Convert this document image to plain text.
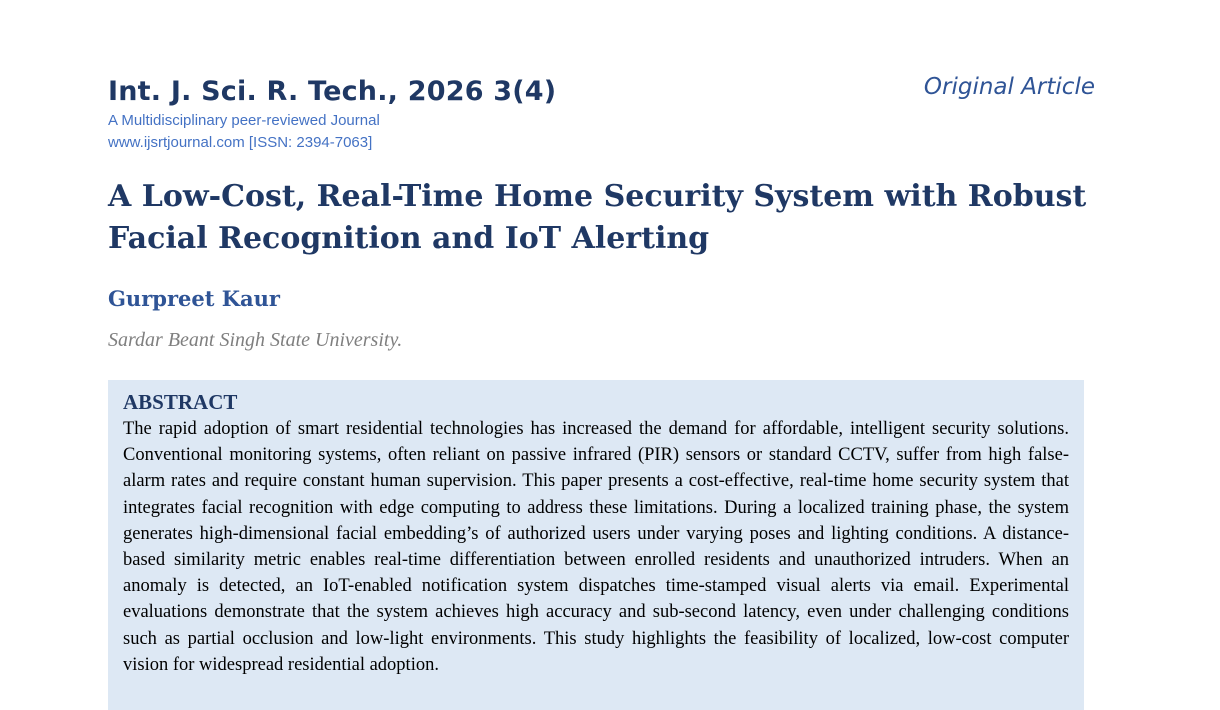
Int. J. Sci. R. Tech., 2026 3(4)
A Multidisciplinary peer-reviewed Journal
www.ijsrtjournal.com [ISSN: 2394-7063]
Original Article
A Low-Cost, Real-Time Home Security System with Robust Facial Recognition and IoT Alerting
Gurpreet Kaur
Sardar Beant Singh State University.
ABSTRACT

The rapid adoption of smart residential technologies has increased the demand for affordable, intelligent security solutions. Conventional monitoring systems, often reliant on passive infrared (PIR) sensors or standard CCTV, suffer from high false-alarm rates and require constant human supervision. This paper presents a cost-effective, real-time home security system that integrates facial recognition with edge computing to address these limitations. During a localized training phase, the system generates high-dimensional facial embedding’s of authorized users under varying poses and lighting conditions. A distance-based similarity metric enables real-time differentiation between enrolled residents and unauthorized intruders. When an anomaly is detected, an IoT-enabled notification system dispatches time-stamped visual alerts via email. Experimental evaluations demonstrate that the system achieves high accuracy and sub-second latency, even under challenging conditions such as partial occlusion and low-light environments. This study highlights the feasibility of localized, low-cost computer vision for widespread residential adoption.
